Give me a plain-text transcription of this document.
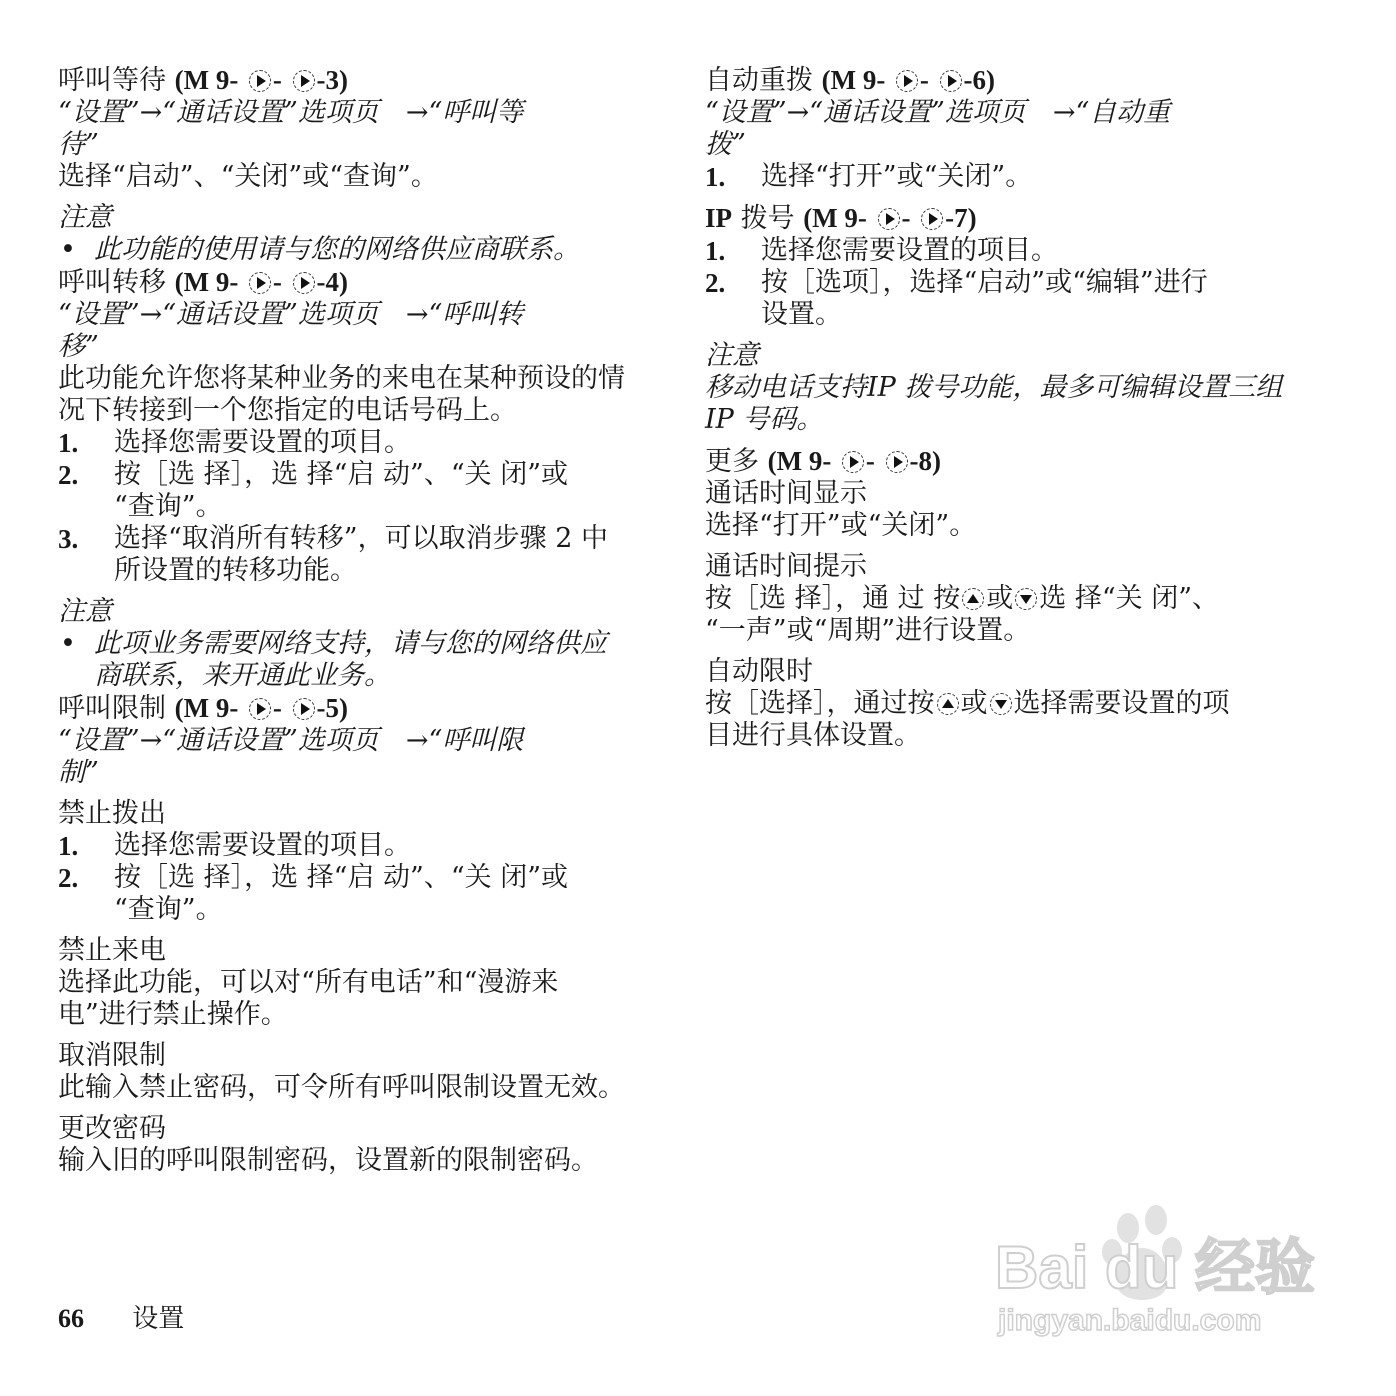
呼叫等待 (M 9- - -3)

“设置”→“通话设置”选项页　→“呼叫等

待”

选择“启动”、“关闭”或“查询”。

注意

• 此功能的使用请与您的网络供应商联系。

呼叫转移 (M 9- - -4)

“设置”→“通话设置”选项页　→“呼叫转

移”

此功能允许您将某种业务的来电在某种预设的情

况下转接到一个您指定的电话号码上。

1. 选择您需要设置的项目。

2. 按［选 择］，选 择“启 动”、“关 闭”或

“查询”。

3. 选择“取消所有转移”，可以取消步骤 2 中

所设置的转移功能。

注意

• 此项业务需要网络支持，请与您的网络供应

商联系，来开通此业务。

呼叫限制 (M 9- - -5)

“设置”→“通话设置”选项页　→“呼叫限

制”

禁止拨出

1. 选择您需要设置的项目。

2. 按［选 择］，选 择“启 动”、“关 闭”或

“查询”。

禁止来电

选择此功能，可以对“所有电话”和“漫游来

电”进行禁止操作。

取消限制

此输入禁止密码，可令所有呼叫限制设置无效。

更改密码

输入旧的呼叫限制密码，设置新的限制密码。

自动重拨 (M 9- - -6)

“设置”→“通话设置”选项页　→“自动重

拨”

1. 选择“打开”或“关闭”。

IP 拨号 (M 9- - -7)

1. 选择您需要设置的项目。

2. 按［选项］，选择“启动”或“编辑”进行

设置。

注意

移动电话支持IP 拨号功能，最多可编辑设置三组

IP 号码。

更多 (M 9- - -8)

通话时间显示

选择“打开”或“关闭”。

通话时间提示

按［选 择］，通 过 按 或 选 择“关 闭”、

“一声”或“周期”进行设置。

自动限时

按［选择］，通过按 或 选择需要设置的项

目进行具体设置。

66 设置
Bai du 经验
jingyan.baidu.com
